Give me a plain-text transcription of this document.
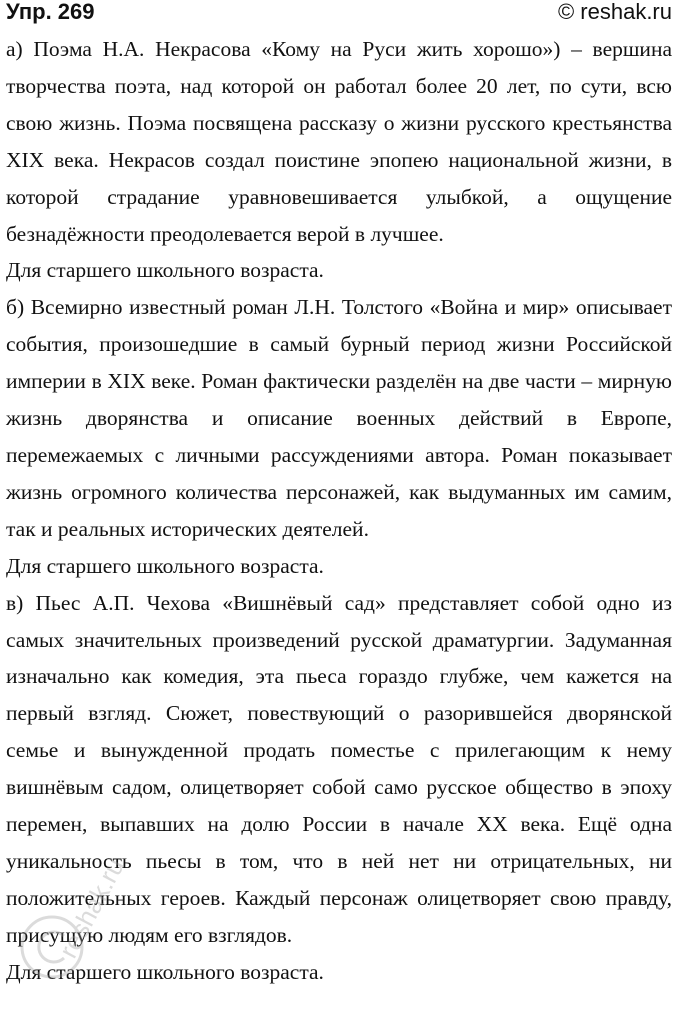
Упр. 269	© reshak.ru

а) Поэма Н.А. Некрасова «Кому на Руси жить хорошо») – вершина творчества поэта, над которой он работал более 20 лет, по сути, всю свою жизнь. Поэма посвящена рассказу о жизни русского крестьянства XIX века. Некрасов создал поистине эпопею национальной жизни, в которой страдание уравновешивается улыбкой, а ощущение безнадёжности преодолевается верой в лучшее.

Для старшего школьного возраста.

б) Всемирно известный роман Л.Н. Толстого «Война и мир» описывает события, произошедшие в самый бурный период жизни Российской империи в XIX веке. Роман фактически разделён на две части – мирную жизнь дворянства и описание военных действий в Европе, перемежаемых с личными рассуждениями автора. Роман показывает жизнь огромного количества персонажей, как выдуманных им самим, так и реальных исторических деятелей.

Для старшего школьного возраста.

в) Пьес А.П. Чехова «Вишнёвый сад» представляет собой одно из самых значительных произведений русской драматургии. Задуманная изначально как комедия, эта пьеса гораздо глубже, чем кажется на первый взгляд. Сюжет, повествующий о разорившейся дворянской семье и вынужденной продать поместье с прилегающим к нему вишнёвым садом, олицетворяет собой само русское общество в эпоху перемен, выпавших на долю России в начале XX века. Ещё одна уникальность пьесы в том, что в ней нет ни отрицательных, ни положительных героев. Каждый персонаж олицетворяет свою правду, присущую людям его взглядов.

Для старшего школьного возраста.

reshak.ru
